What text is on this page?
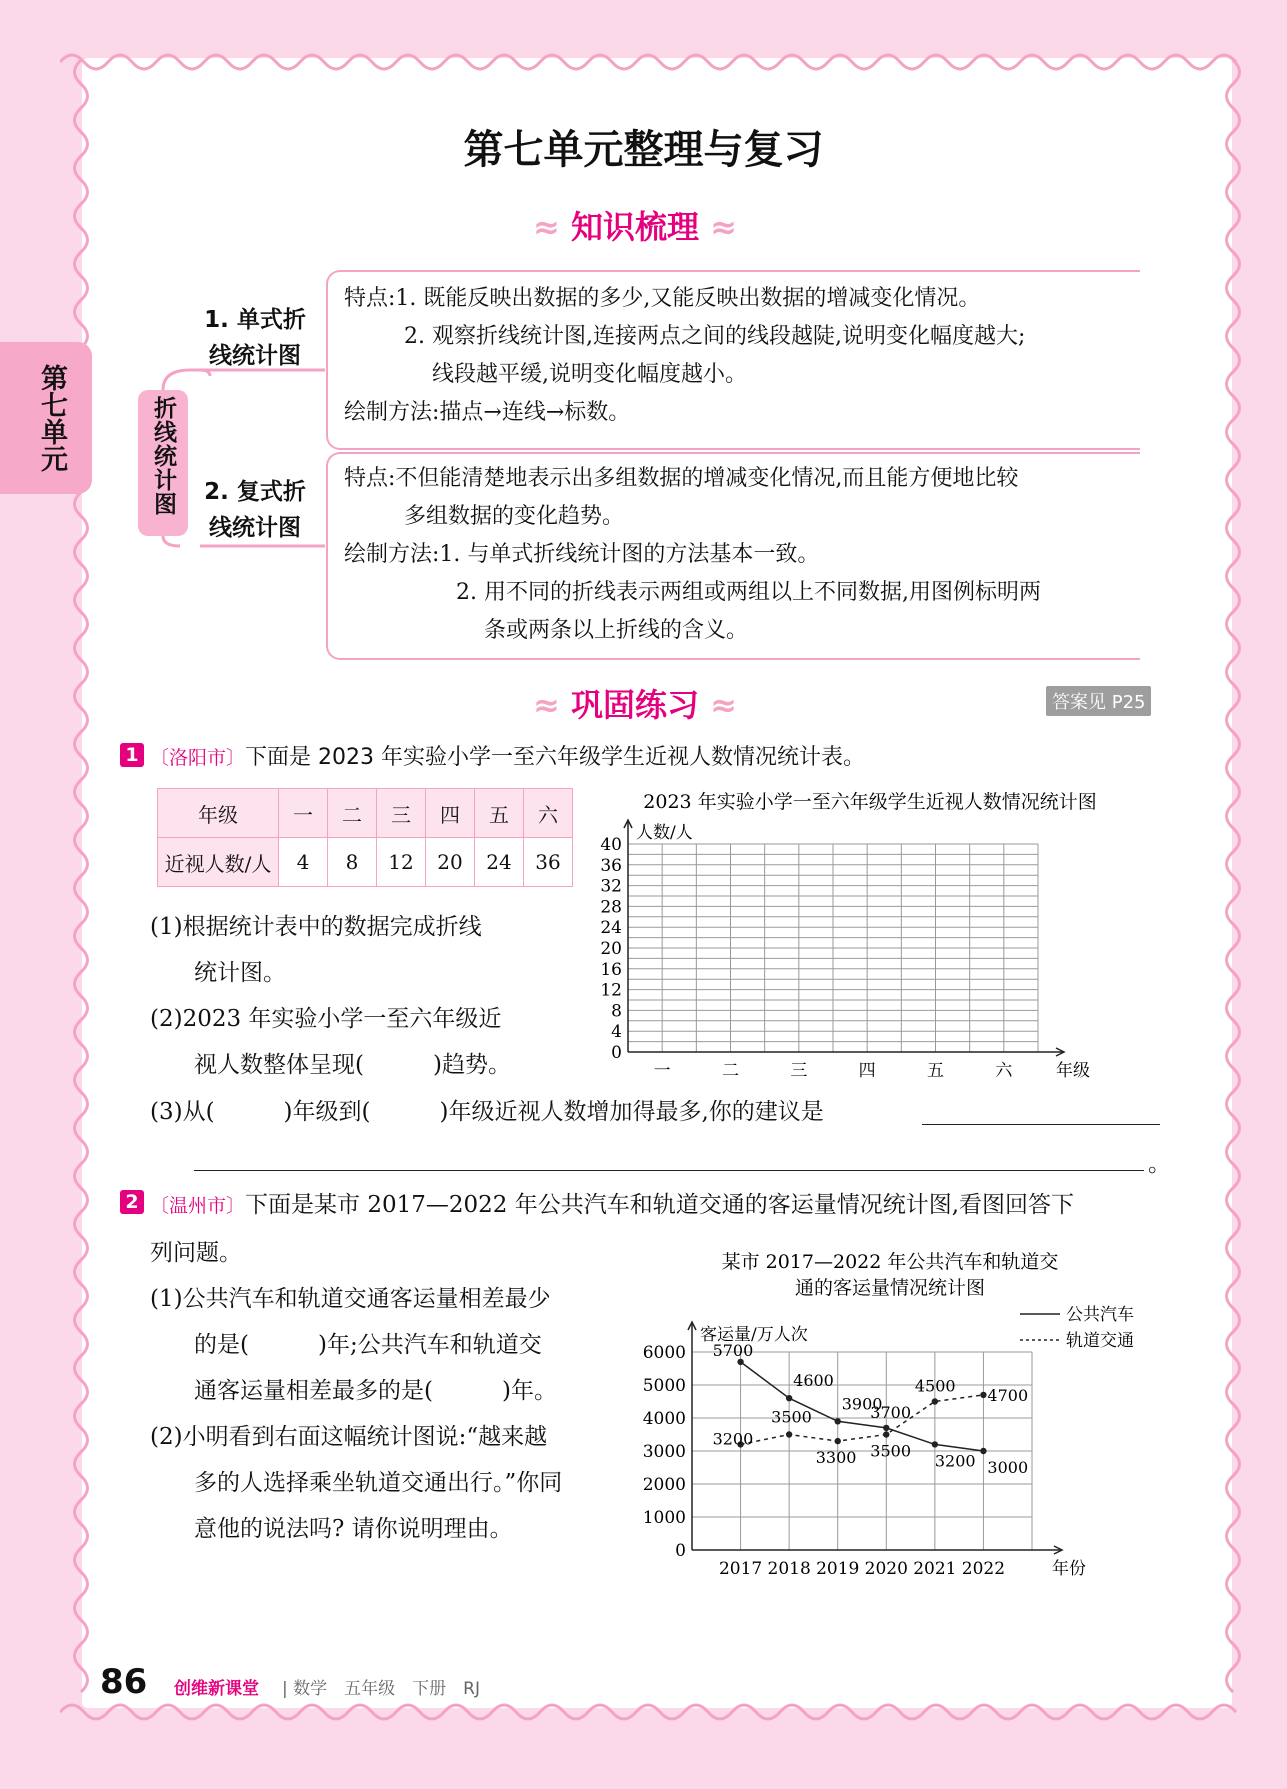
第七单元
第七单元整理与复习
≈ 知识梳理 ≈
折线统计图
1. 单式折
线统计图
2. 复式折
线统计图

特点:1. 既能反映出数据的多少,又能反映出数据的增减变化情况。

2. 观察折线统计图,连接两点之间的线段越陡,说明变化幅度越大;

线段越平缓,说明变化幅度越小。

绘制方法:描点→连线→标数。

特点:不但能清楚地表示出多组数据的增减变化情况,而且能方便地比较

多组数据的变化趋势。

绘制方法:1. 与单式折线统计图的方法基本一致。

2. 用不同的折线表示两组或两组以上不同数据,用图例标明两

条或两条以上折线的含义。

≈ 巩固练习 ≈	答案见 P25
1 〔洛阳市〕下面是 2023 年实验小学一至六年级学生近视人数情况统计表。
年级	一	二	三	四	五	六
近视人数/人	4	8	12	20	24	36
2023 年实验小学一至六年级学生近视人数情况统计图
人数/人
0
4
8
12
16
20
24
28
32
36
40
一	二	三	四	五	六	年级
(1)根据统计表中的数据完成折线
统计图。
(2)2023 年实验小学一至六年级近
视人数整体呈现(　　　)趋势。
(3)从(　　　)年级到(　　　)年级近视人数增加得最多,你的建议是
。
2 〔温州市〕下面是某市 2017—2022 年公共汽车和轨道交通的客运量情况统计图,看图回答下
列问题。
(1)公共汽车和轨道交通客运量相差最少
的是(　　　)年;公共汽车和轨道交
通客运量相差最多的是(　　　)年。
(2)小明看到右面这幅统计图说:“越来越
多的人选择乘坐轨道交通出行。”你同
意他的说法吗? 请你说明理由。
某市 2017—2022 年公共汽车和轨道交
通的客运量情况统计图
客运量/万人次
0
1000
2000
3000
4000
5000
6000
2017 2018 2019 2020 2021 2022	年份
公共汽车
轨道交通
5700
4600
3900
3700
3200 3000
3200
3500
3300 3500
4500 4700
86 创维新课堂 | 数学　五年级　下册　RJ
